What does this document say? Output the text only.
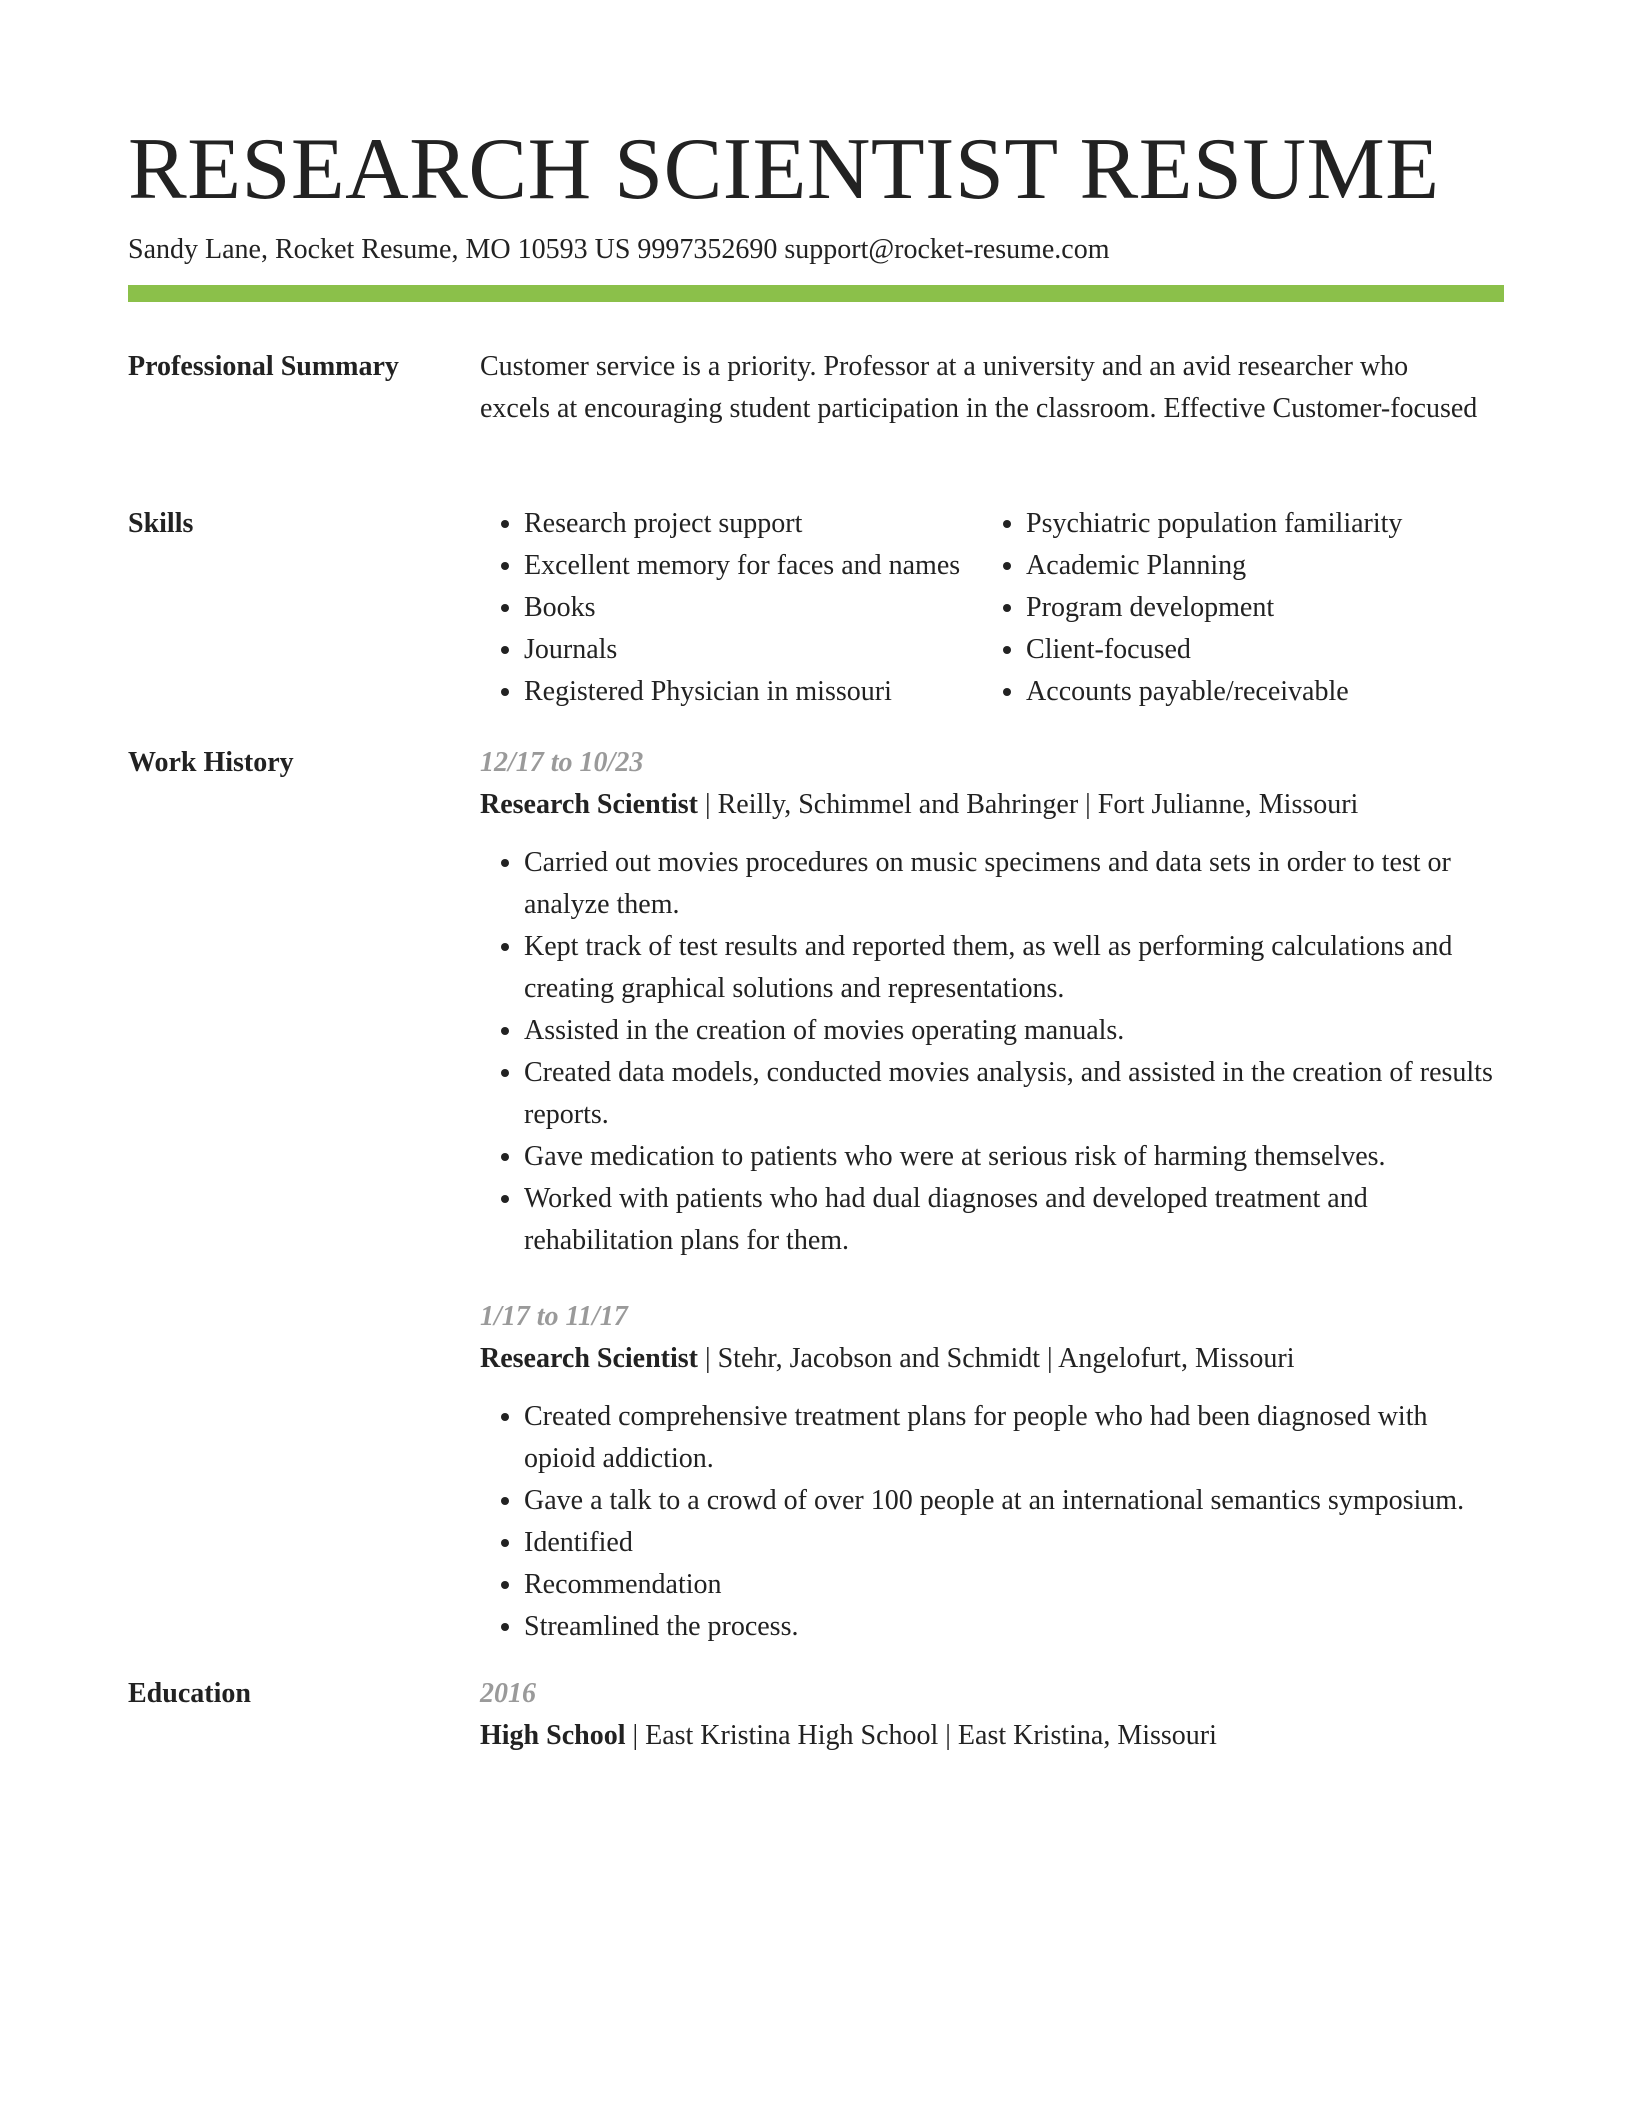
RESEARCH SCIENTIST RESUME
Sandy Lane, Rocket Resume, MO 10593 US 9997352690 support@rocket-resume.com
Professional Summary	Customer service is a priority. Professor at a university and an avid researcher who excels at encouraging student participation in the classroom. Effective Customer-focused

Skills
•	Research project support
• Excellent memory for faces and names
• Books
• Journals
• Registered Physician in missouri
• Psychiatric population familiarity
• Academic Planning
• Program development
• Client-focused
• Accounts payable/receivable
Work History	12/17 to 10/23
Research Scientist | Reilly, Schimmel and Bahringer | Fort Julianne, Missouri
• Carried out movies procedures on music specimens and data sets in order to test or analyze them.
• Kept track of test results and reported them, as well as performing calculations and creating graphical solutions and representations.
• Assisted in the creation of movies operating manuals.
• Created data models, conducted movies analysis, and assisted in the creation of results reports.
• Gave medication to patients who were at serious risk of harming themselves.
• Worked with patients who had dual diagnoses and developed treatment and rehabilitation plans for them.
1/17 to 11/17
Research Scientist | Stehr, Jacobson and Schmidt | Angelofurt, Missouri
• Created comprehensive treatment plans for people who had been diagnosed with opioid addiction.
• Gave a talk to a crowd of over 100 people at an international semantics symposium.
• Identified
• Recommendation
• Streamlined the process.
Education	2016
High School | East Kristina High School | East Kristina, Missouri
